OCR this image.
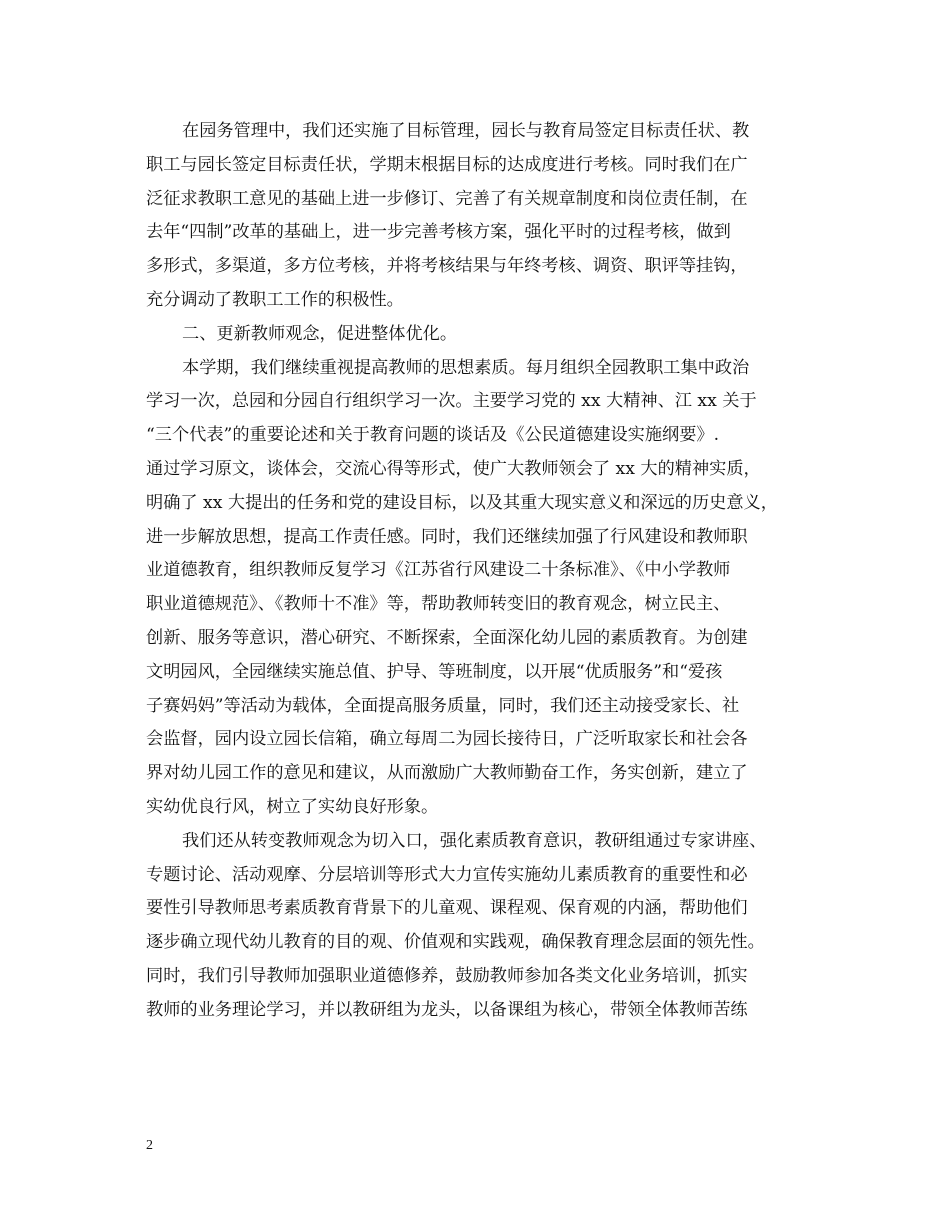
在园务管理中，我们还实施了目标管理，园长与教育局签定目标责任状、教
职工与园长签定目标责任状，学期末根据目标的达成度进行考核。同时我们在广
泛征求教职工意见的基础上进一步修订、完善了有关规章制度和岗位责任制，在
去年“四制”改革的基础上，进一步完善考核方案，强化平时的过程考核，做到
多形式，多渠道，多方位考核，并将考核结果与年终考核、调资、职评等挂钩，
充分调动了教职工工作的积极性。
二、更新教师观念，促进整体优化。
本学期，我们继续重视提高教师的思想素质。每月组织全园教职工集中政治
学习一次，总园和分园自行组织学习一次。主要学习党的 xx 大精神、江 xx 关于
“三个代表”的重要论述和关于教育问题的谈话及《公民道德建设实施纲要》.
通过学习原文，谈体会，交流心得等形式，使广大教师领会了 xx 大的精神实质，
明确了 xx 大提出的任务和党的建设目标，以及其重大现实意义和深远的历史意义，
进一步解放思想，提高工作责任感。同时，我们还继续加强了行风建设和教师职
业道德教育，组织教师反复学习《江苏省行风建设二十条标准》、《中小学教师
职业道德规范》、《教师十不准》等，帮助教师转变旧的教育观念，树立民主、
创新、服务等意识，潜心研究、不断探索，全面深化幼儿园的素质教育。为创建
文明园风，全园继续实施总值、护导、等班制度，以开展“优质服务”和“爱孩
子赛妈妈”等活动为载体，全面提高服务质量，同时，我们还主动接受家长、社
会监督，园内设立园长信箱，确立每周二为园长接待日，广泛听取家长和社会各
界对幼儿园工作的意见和建议，从而激励广大教师勤奋工作，务实创新，建立了
实幼优良行风，树立了实幼良好形象。
我们还从转变教师观念为切入口，强化素质教育意识，教研组通过专家讲座、
专题讨论、活动观摩、分层培训等形式大力宣传实施幼儿素质教育的重要性和必
要性引导教师思考素质教育背景下的儿童观、课程观、保育观的内涵，帮助他们
逐步确立现代幼儿教育的目的观、价值观和实践观，确保教育理念层面的领先性。
同时，我们引导教师加强职业道德修养，鼓励教师参加各类文化业务培训，抓实
教师的业务理论学习，并以教研组为龙头，以备课组为核心，带领全体教师苦练
2
